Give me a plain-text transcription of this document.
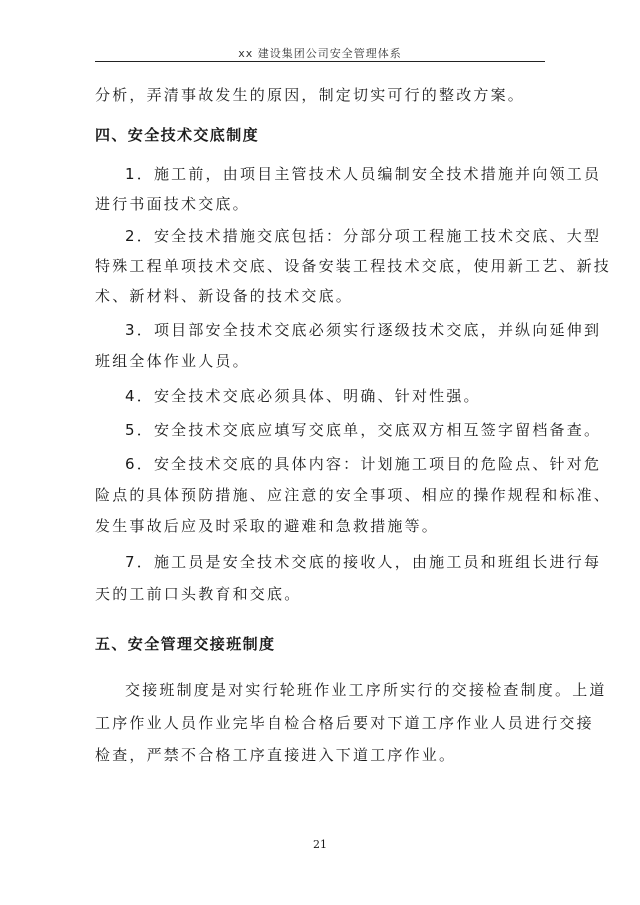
xx 建设集团公司安全管理体系
分析，弄清事故发生的原因，制定切实可行的整改方案。
四、安全技术交底制度
1．施工前，由项目主管技术人员编制安全技术措施并向领工员
进行书面技术交底。
2．安全技术措施交底包括：分部分项工程施工技术交底、大型
特殊工程单项技术交底、设备安装工程技术交底，使用新工艺、新技
术、新材料、新设备的技术交底。
3．项目部安全技术交底必须实行逐级技术交底，并纵向延伸到
班组全体作业人员。
4．安全技术交底必须具体、明确、针对性强。
5．安全技术交底应填写交底单，交底双方相互签字留档备查。
6．安全技术交底的具体内容：计划施工项目的危险点、针对危
险点的具体预防措施、应注意的安全事项、相应的操作规程和标准、
发生事故后应及时采取的避难和急救措施等。
7．施工员是安全技术交底的接收人，由施工员和班组长进行每
天的工前口头教育和交底。
五、安全管理交接班制度
交接班制度是对实行轮班作业工序所实行的交接检查制度。上道
工序作业人员作业完毕自检合格后要对下道工序作业人员进行交接
检查，严禁不合格工序直接进入下道工序作业。
21
